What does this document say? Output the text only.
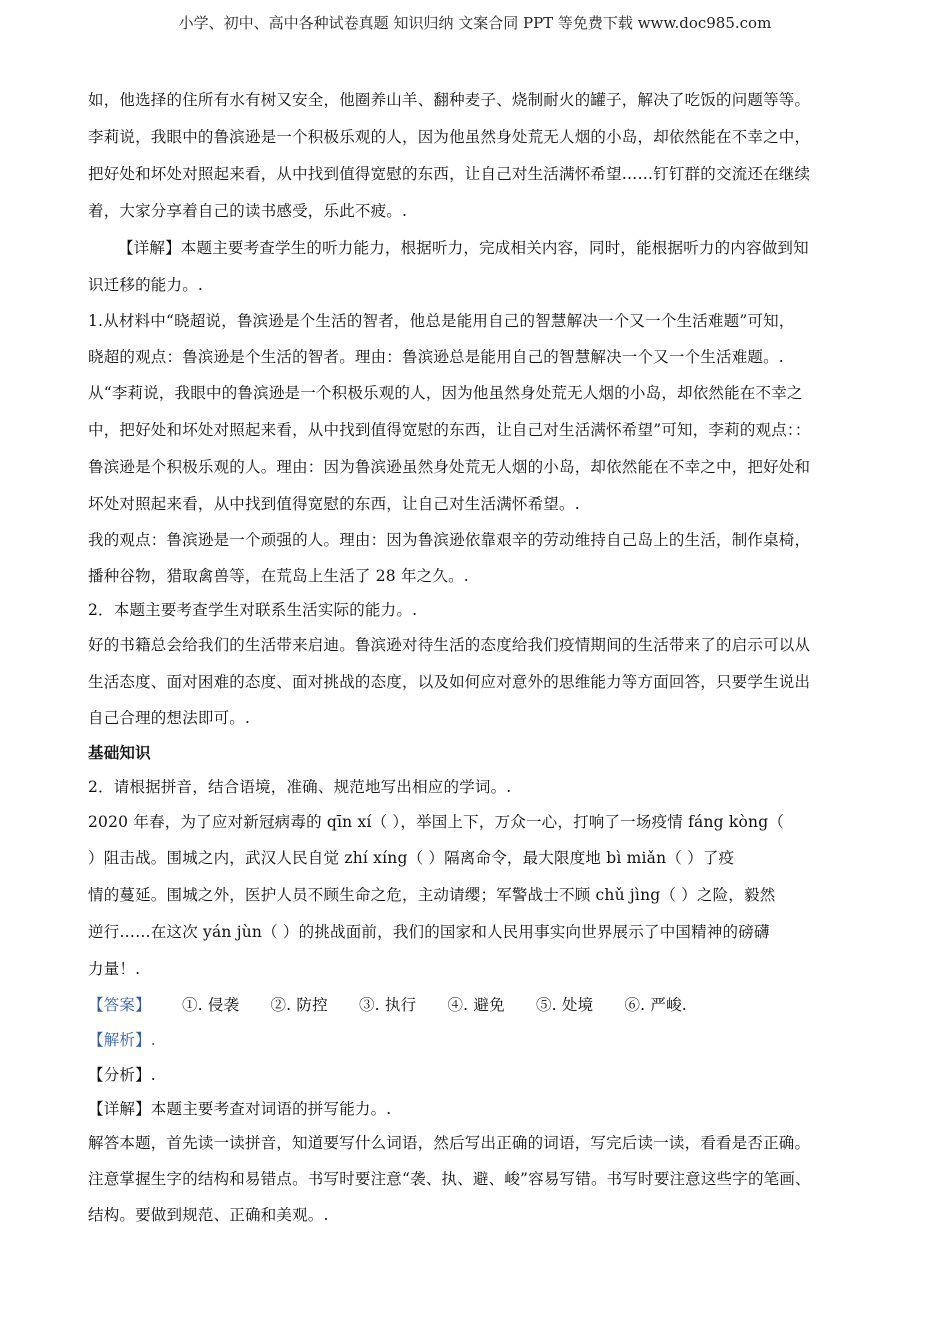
小学、初中、高中各种试卷真题 知识归纳 文案合同 PPT 等免费下载 www.doc985.com
如，他选择的住所有水有树又安全，他圈养山羊、翻种麦子、烧制耐火的罐子，解决了吃饭的问题等等。
李莉说，我眼中的鲁滨逊是一个积极乐观的人，因为他虽然身处荒无人烟的小岛，却依然能在不幸之中，
把好处和坏处对照起来看，从中找到值得宽慰的东西，让自己对生活满怀希望……钉钉群的交流还在继续
着，大家分享着自己的读书感受，乐此不疲。.
【详解】本题主要考查学生的听力能力，根据听力，完成相关内容，同时，能根据听力的内容做到知
识迁移的能力。.
1.从材料中“晓超说，鲁滨逊是个生活的智者，他总是能用自己的智慧解决一个又一个生活难题”可知，
晓超的观点：鲁滨逊是个生活的智者。理由：鲁滨逊总是能用自己的智慧解决一个又一个生活难题。.
从“李莉说，我眼中的鲁滨逊是一个积极乐观的人，因为他虽然身处荒无人烟的小岛，却依然能在不幸之
中，把好处和坏处对照起来看，从中找到值得宽慰的东西，让自己对生活满怀希望”可知，李莉的观点：：
鲁滨逊是个积极乐观的人。理由：因为鲁滨逊虽然身处荒无人烟的小岛，却依然能在不幸之中，把好处和
坏处对照起来看，从中找到值得宽慰的东西，让自己对生活满怀希望。.
我的观点：鲁滨逊是一个顽强的人。理由：因为鲁滨逊依靠艰辛的劳动维持自己岛上的生活，制作桌椅，
播种谷物，猎取禽兽等，在荒岛上生活了 28 年之久。.
2．本题主要考查学生对联系生活实际的能力。.
好的书籍总会给我们的生活带来启迪。鲁滨逊对待生活的态度给我们疫情期间的生活带来了的启示可以从
生活态度、面对困难的态度、面对挑战的态度，以及如何应对意外的思维能力等方面回答，只要学生说出
自己合理的想法即可。.
基础知识
2．请根据拼音，结合语境，准确、规范地写出相应的学词。.
2020 年春，为了应对新冠病毒的 qīn xí（ ），举国上下，万众一心，打响了一场疫情 fáng kòng（
）阻击战。围城之内，武汉人民自觉 zhí xíng（ ）隔离命令，最大限度地 bì miǎn（ ）了疫
情的蔓延。围城之外，医护人员不顾生命之危，主动请缨；军警战士不顾 chǔ jìng（ ）之险，毅然
逆行……在这次 yán jùn（ ）的挑战面前，我们的国家和人民用事实向世界展示了中国精神的磅礴
力量！.
【答案】 ①. 侵袭 ②. 防控 ③. 执行 ④. 避免 ⑤. 处境 ⑥. 严峻.
【解析】.
【分析】.
【详解】本题主要考查对词语的拼写能力。.
解答本题，首先读一读拼音，知道要写什么词语，然后写出正确的词语，写完后读一读，看看是否正确。
注意掌握生字的结构和易错点。书写时要注意“袭、执、避、峻”容易写错。书写时要注意这些字的笔画、
结构。要做到规范、正确和美观。.
